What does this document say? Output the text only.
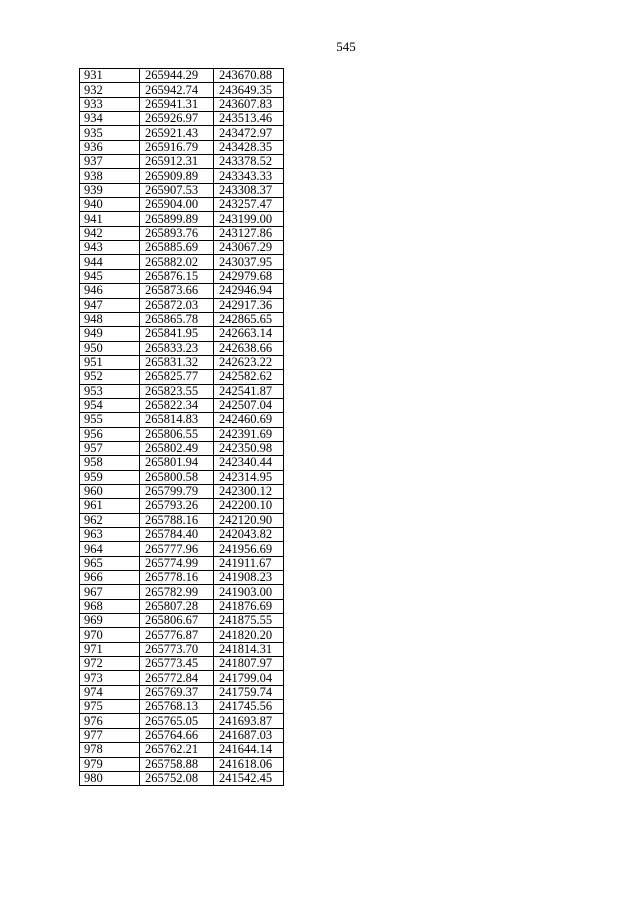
545
931	265944.29	243670.88
932	265942.74	243649.35
933	265941.31	243607.83
934	265926.97	243513.46
935	265921.43	243472.97
936	265916.79	243428.35
937	265912.31	243378.52
938	265909.89	243343.33
939	265907.53	243308.37
940	265904.00	243257.47
941	265899.89	243199.00
942	265893.76	243127.86
943	265885.69	243067.29
944	265882.02	243037.95
945	265876.15	242979.68
946	265873.66	242946.94
947	265872.03	242917.36
948	265865.78	242865.65
949	265841.95	242663.14
950	265833.23	242638.66
951	265831.32	242623.22
952	265825.77	242582.62
953	265823.55	242541.87
954	265822.34	242507.04
955	265814.83	242460.69
956	265806.55	242391.69
957	265802.49	242350.98
958	265801.94	242340.44
959	265800.58	242314.95
960	265799.79	242300.12
961	265793.26	242200.10
962	265788.16	242120.90
963	265784.40	242043.82
964	265777.96	241956.69
965	265774.99	241911.67
966	265778.16	241908.23
967	265782.99	241903.00
968	265807.28	241876.69
969	265806.67	241875.55
970	265776.87	241820.20
971	265773.70	241814.31
972	265773.45	241807.97
973	265772.84	241799.04
974	265769.37	241759.74
975	265768.13	241745.56
976	265765.05	241693.87
977	265764.66	241687.03
978	265762.21	241644.14
979	265758.88	241618.06
980	265752.08	241542.45
